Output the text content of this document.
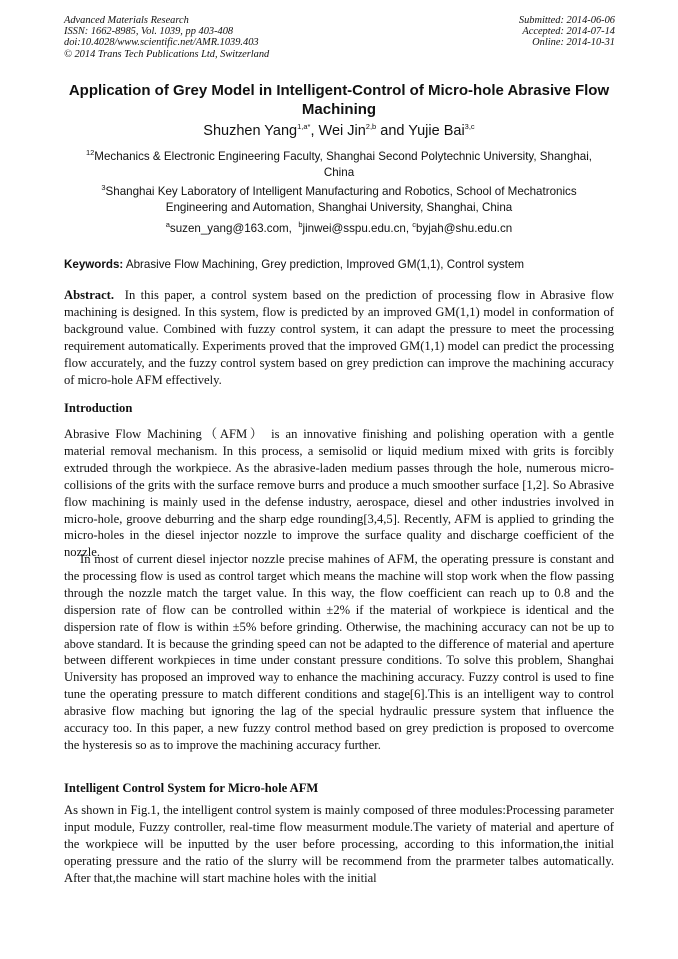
Advanced Materials Research
ISSN: 1662-8985, Vol. 1039, pp 403-408
doi:10.4028/www.scientific.net/AMR.1039.403
© 2014 Trans Tech Publications Ltd, Switzerland
Submitted: 2014-06-06
Accepted: 2014-07-14
Online: 2014-10-31
Application of Grey Model in Intelligent-Control of Micro-hole Abrasive Flow Machining
Shuzhen Yang$^{1,a*}$, Wei Jin$^{2,b}$ and Yujie Bai$^{3,c}$
$^{12}$Mechanics & Electronic Engineering Faculty, Shanghai Second Polytechnic University, Shanghai, China
$^3$Shanghai Key Laboratory of Intelligent Manufacturing and Robotics, School of Mechatronics Engineering and Automation, Shanghai University, Shanghai, China
$^a$suzen_yang@163.com, $^b$jinwei@sspu.edu.cn, $^c$byjah@shu.edu.cn
Keywords: Abrasive Flow Machining, Grey prediction, Improved GM(1,1), Control system
Abstract. In this paper, a control system based on the prediction of processing flow in Abrasive flow machining is designed. In this system, flow is predicted by an improved GM(1,1) model in conformation of background value. Combined with fuzzy control system, it can adapt the pressure to meet the processing requirement automatically. Experiments proved that the improved GM(1,1) model can predict the processing flow accurately, and the fuzzy control system based on grey prediction can improve the machining accuracy of micro-hole AFM effectively.
Introduction
Abrasive Flow Machining（AFM） is an innovative finishing and polishing operation with a gentle material removal mechanism. In this process, a semisolid or liquid medium mixed with grits is forcibly extruded through the workpiece. As the abrasive-laden medium passes through the hole, numerous micro-collisions of the grits with the surface remove burrs and produce a much smoother surface [1,2]. So Abrasive flow machining is mainly used in the defense industry, aerospace, diesel and other industries involved in micro-hole, groove deburring and the sharp edge rounding[3,4,5]. Recently, AFM is applied to grinding the micro-holes in the diesel injector nozzle to improve the surface quality and discharge coefficient of the nozzle.
In most of current diesel injector nozzle precise mahines of AFM, the operating pressure is constant and the processing flow is used as control target which means the machine will stop work when the flow passing through the nozzle match the target value. In this way, the flow coefficient can reach up to 0.8 and the dispersion rate of flow can be controlled within ±2% if the material of workpiece is identical and the dispersion rate of flow is within ±5% before grinding. Otherwise, the machining accuracy can not be up to above standard. It is because the grinding speed can not be adapted to the difference of material and aperture between different workpieces in time under constant pressure conditions. To solve this problem, Shanghai University has proposed an improved way to enhance the machining accuracy. Fuzzy control is used to fine tune the operating pressure to match different conditions and stage[6].This is an intelligent way to control abrasive flow maching but ignoring the lag of the special hydraulic pressure system that influence the accuracy too. In this paper, a new fuzzy control method based on grey prediction is proposed to overcome the hysteresis so as to improve the machining accuracy further.
Intelligent Control System for Micro-hole AFM
As shown in Fig.1, the intelligent control system is mainly composed of three modules:Processing parameter input module, Fuzzy controller, real-time flow measurment module.The variety of material and aperture of the workpiece will be inputted by the user before processing, according to this information,the initial operating pressure and the ratio of the slurry will be recommend from the prarmeter talbes automatically. After that,the machine will start machine holes with the initial
